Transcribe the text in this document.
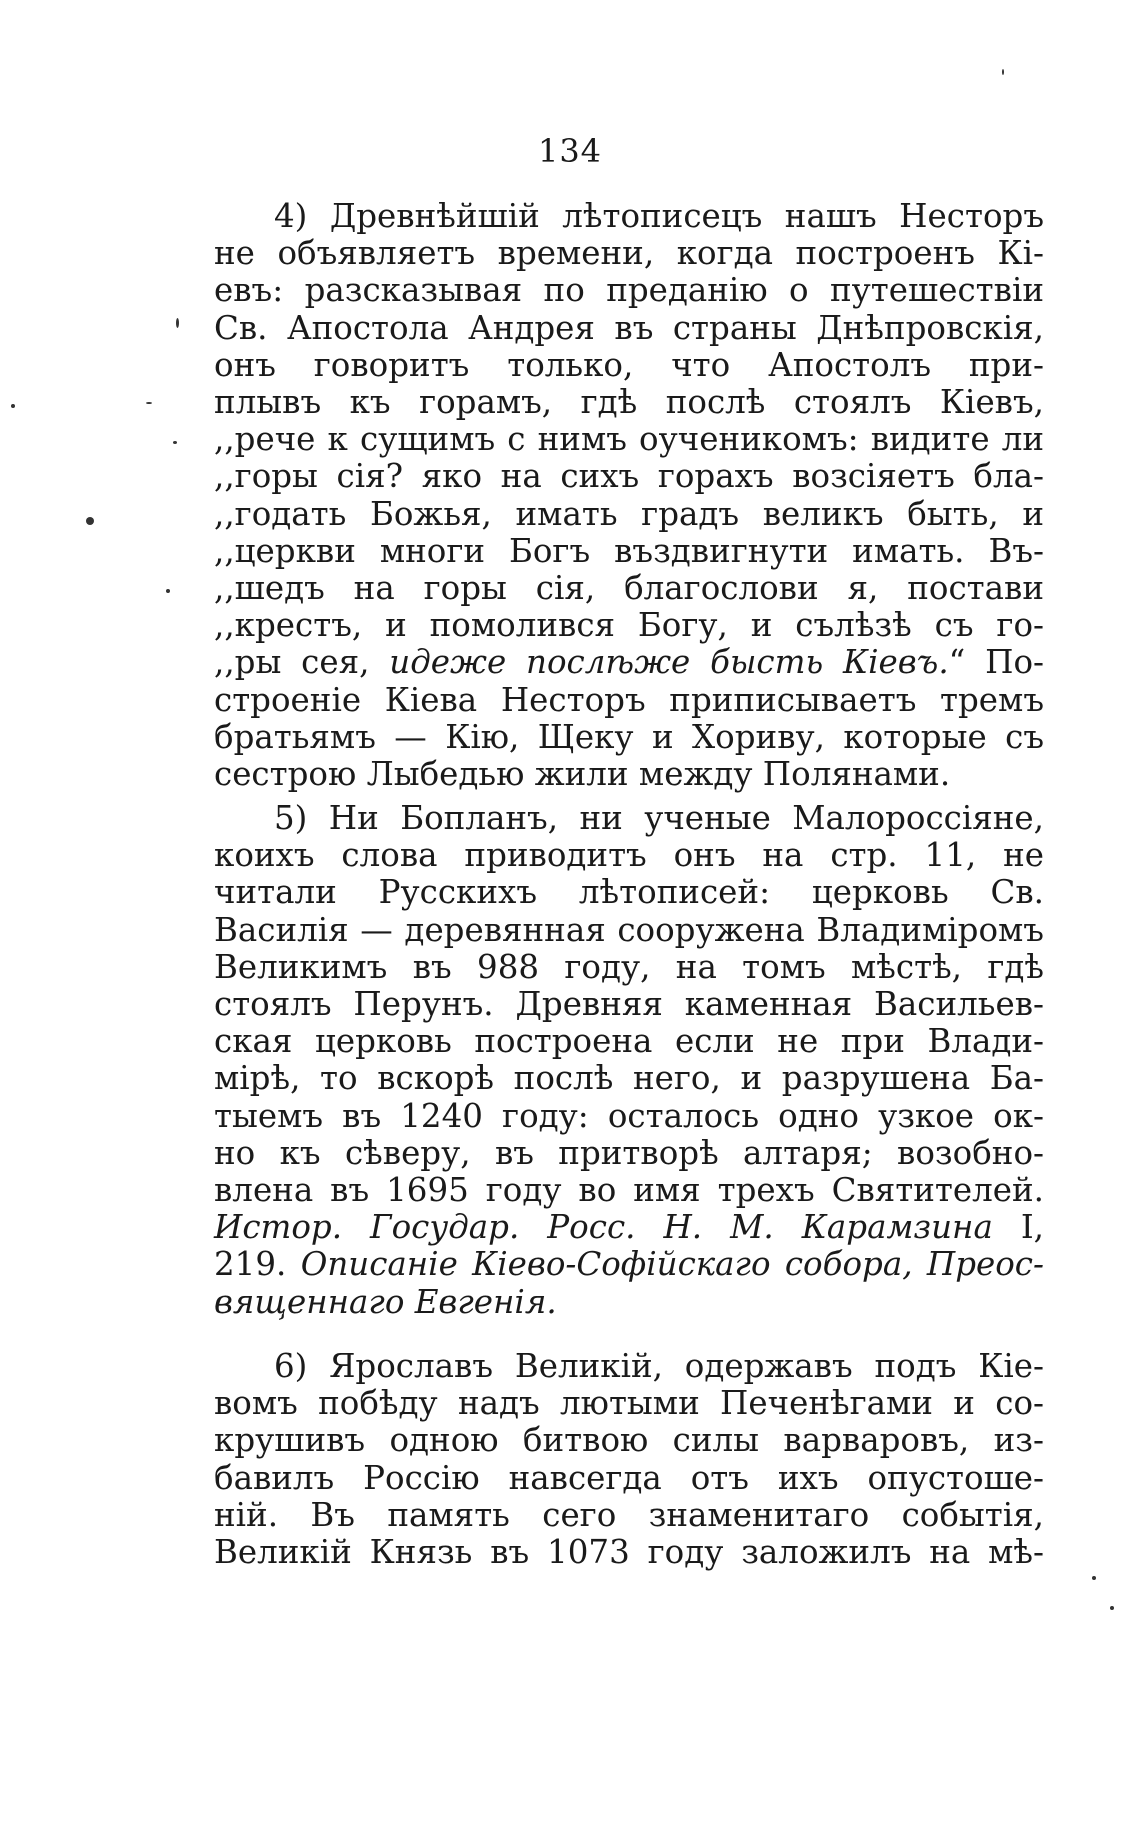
134
4) Древнѣйшій лѣтописецъ нашъ Несторъ
не объявляетъ времени, когда построенъ Кі-
евъ: разсказывая по преданію о путешествіи
Св. Апостола Андрея въ страны Днѣпровскія,
онъ говоритъ только, что Апостолъ при-
плывъ къ горамъ, гдѣ послѣ стоялъ Кіевъ,
,,рече к сущимъ с нимъ оученикомъ: видите ли
,,горы сія? яко на сихъ горахъ возсіяетъ бла-
,,годать Божья, имать градъ великъ быть, и
,,церкви многи Богъ въздвигнути имать. Въ-
,,шедъ на горы сія, благослови я, постави
,,крестъ, и помолився Богу, и сълѣзѣ съ го-
,,ры сея, идеже послѣже бысть Кіевъ.“ По-
строеніе Кіева Несторъ приписываетъ тремъ
братьямъ — Кію, Щеку и Хориву, которые съ
сестрою Лыбедью жили между Полянами.
5) Ни Бопланъ, ни ученые Малороссіяне,
коихъ слова приводитъ онъ на стр. 11, не
читали Русскихъ лѣтописей: церковь Св.
Василія — деревянная сооружена Владиміромъ
Великимъ въ 988 году, на томъ мѣстѣ, гдѣ
стоялъ Перунъ. Древняя каменная Васильев-
ская церковь построена если не при Влади-
мірѣ, то вскорѣ послѣ него, и разрушена Ба-
тыемъ въ 1240 году: осталось одно узкое ок-
но къ сѣверу, въ притворѣ алтаря; возобно-
влена въ 1695 году во имя трехъ Святителей.
Истор. Государ. Росс. Н. М. Карамзина I,
219. Описаніе Кіево-Софійскаго собора, Преос-
вященнаго Евгенія.
6) Ярославъ Великій, одержавъ подъ Кіе-
вомъ побѣду надъ лютыми Печенѣгами и со-
крушивъ одною битвою силы варваровъ, из-
бавилъ Россію навсегда отъ ихъ опустоше-
ній. Въ память сего знаменитаго событія,
Великій Князь въ 1073 году заложилъ на мѣ-
